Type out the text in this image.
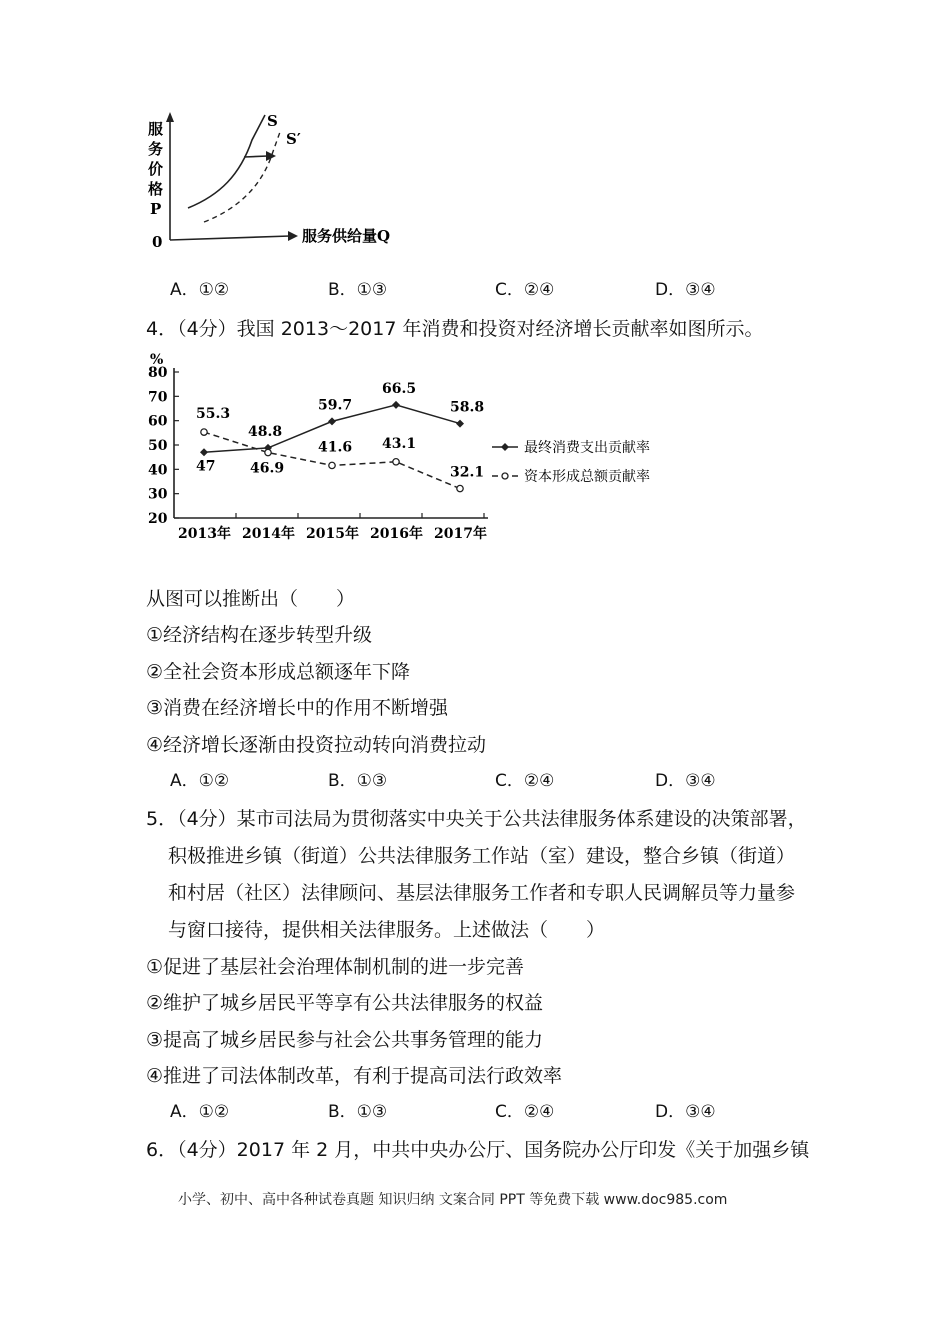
S
S′
服
务
价
格
P
0	服务供给量Q
A．①②	B．①③	C．②④	D．③④
4．（4分）我国 2013～2017 年消费和投资对经济增长贡献率如图所示。
%
80
70
60
50
40
30
20
2013年 2014年 2015年 2016年 2017年
47
48.8
59.7
66.5
58.8
最终消费支出贡献率
55.3
46.9
41.6 43.1
32.1	资本形成总额贡献率
从图可以推断出（　　）
①经济结构在逐步转型升级
②全社会资本形成总额逐年下降
③消费在经济增长中的作用不断增强
④经济增长逐渐由投资拉动转向消费拉动
A．①②	B．①③	C．②④	D．③④
5．（4分）某市司法局为贯彻落实中央关于公共法律服务体系建设的决策部署，
积极推进乡镇（街道）公共法律服务工作站（室）建设，整合乡镇（街道）
和村居（社区）法律顾问、基层法律服务工作者和专职人民调解员等力量参
与窗口接待，提供相关法律服务。上述做法（　　）
①促进了基层社会治理体制机制的进一步完善
②维护了城乡居民平等享有公共法律服务的权益
③提高了城乡居民参与社会公共事务管理的能力
④推进了司法体制改革，有利于提高司法行政效率
A．①②	B．①③	C．②④	D．③④
6．（4分）2017 年 2 月，中共中央办公厅、国务院办公厅印发《关于加强乡镇
小学、初中、高中各种试卷真题 知识归纳 文案合同 PPT 等免费下载 www.doc985.com
